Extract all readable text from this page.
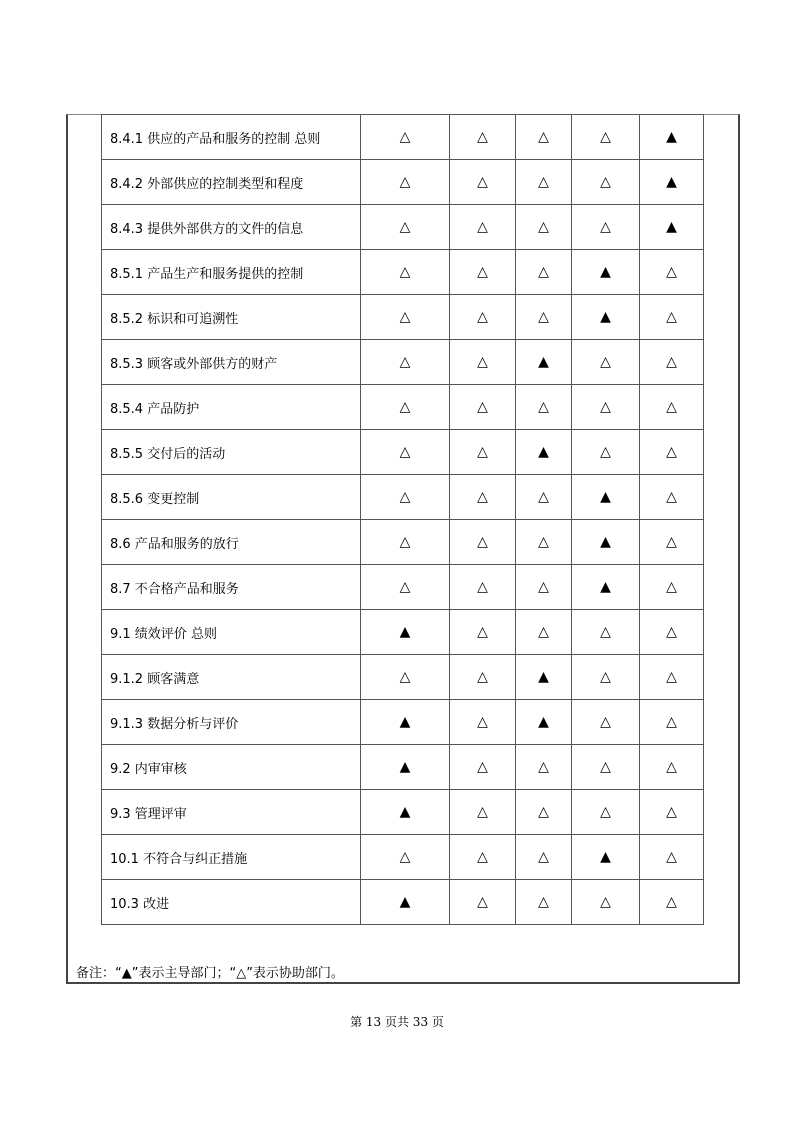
8.4.1 供应的产品和服务的控制 总则	△	△	△	△	▲
8.4.2 外部供应的控制类型和程度	△	△	△	△	▲
8.4.3 提供外部供方的文件的信息	△	△	△	△	▲
8.5.1 产品生产和服务提供的控制	△	△	△	▲	△
8.5.2 标识和可追溯性	△	△	△	▲	△
8.5.3 顾客或外部供方的财产	△	△	▲	△	△
8.5.4 产品防护	△	△	△	△	△
8.5.5 交付后的活动	△	△	▲	△	△
8.5.6 变更控制	△	△	△	▲	△
8.6 产品和服务的放行	△	△	△	▲	△
8.7 不合格产品和服务	△	△	△	▲	△
9.1 绩效评价 总则	▲	△	△	△	△
9.1.2 顾客满意	△	△	▲	△	△
9.1.3 数据分析与评价	▲	△	▲	△	△
9.2 内审审核	▲	△	△	△	△
9.3 管理评审	▲	△	△	△	△
10.1 不符合与纠正措施	△	△	△	▲	△
10.3 改进	▲	△	△	△	△
备注：“▲”表示主导部门；“△”表示协助部门。
第 13 页共 33 页
